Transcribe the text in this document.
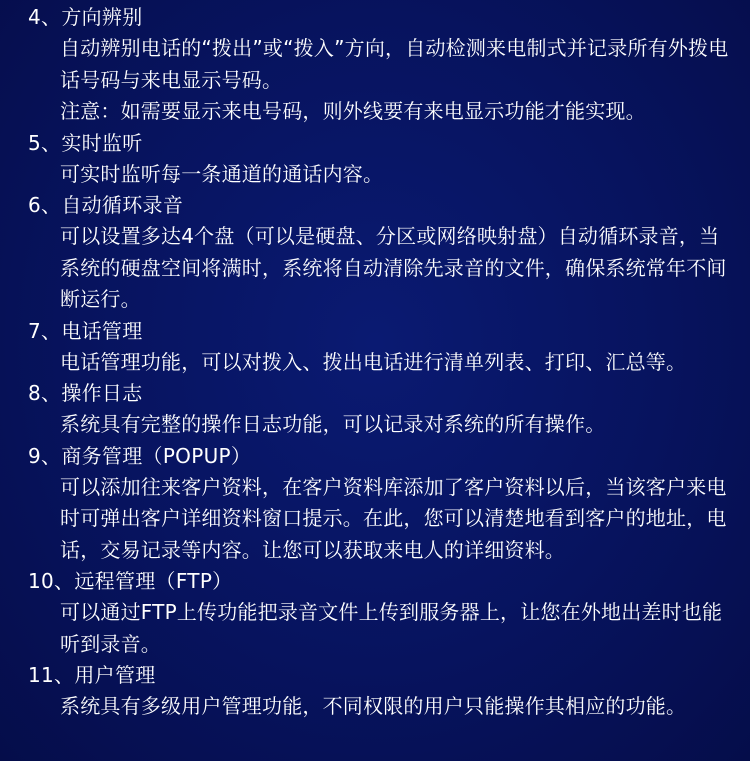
4、方向辨别
自动辨别电话的“拨出”或“拨入”方向，自动检测来电制式并记录所有外拨电话号码与来电显示号码。
注意：如需要显示来电号码，则外线要有来电显示功能才能实现。
5、实时监听
可实时监听每一条通道的通话内容。
6、自动循环录音
可以设置多达4个盘（可以是硬盘、分区或网络映射盘）自动循环录音，当系统的硬盘空间将满时，系统将自动清除先录音的文件，确保系统常年不间断运行。
7、电话管理
电话管理功能，可以对拨入、拨出电话进行清单列表、打印、汇总等。
8、操作日志
系统具有完整的操作日志功能，可以记录对系统的所有操作。
9、商务管理（POPUP）
可以添加往来客户资料，在客户资料库添加了客户资料以后，当该客户来电时可弹出客户详细资料窗口提示。在此，您可以清楚地看到客户的地址，电话，交易记录等内容。让您可以获取来电人的详细资料。
10、远程管理（FTP）
可以通过FTP上传功能把录音文件上传到服务器上，让您在外地出差时也能听到录音。
11、用户管理
系统具有多级用户管理功能，不同权限的用户只能操作其相应的功能。
